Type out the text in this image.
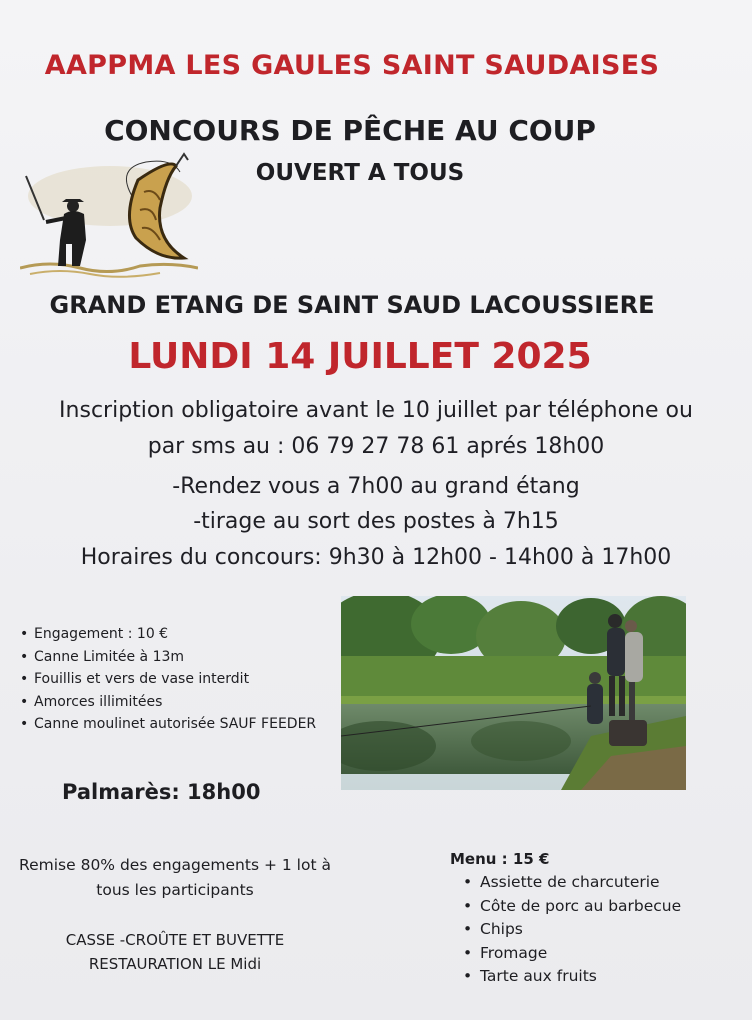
AAPPMA LES GAULES SAINT SAUDAISES
CONCOURS DE PÊCHE AU COUP
OUVERT A TOUS
GRAND ETANG DE SAINT SAUD LACOUSSIERE
LUNDI 14 JUILLET 2025
Inscription obligatoire avant le 10 juillet par téléphone ou
par sms au : 06 79 27 78 61 aprés 18h00
-Rendez vous a 7h00 au grand étang
-tirage au sort des postes à 7h15
Horaires du concours: 9h30 à 12h00 - 14h00 à 17h00
• Engagement : 10 €
• Canne Limitée à 13m
• Fouillis et vers de vase interdit
• Amorces illimitées
• Canne moulinet autorisée SAUF FEEDER
Palmarès: 18h00
Remise 80% des engagements + 1 lot à
tous les participants
CASSE -CROÛTE ET BUVETTE
RESTAURATION LE Midi
Menu : 15 €
• Assiette de charcuterie
• Côte de porc au barbecue
• Chips
• Fromage
• Tarte aux fruits
